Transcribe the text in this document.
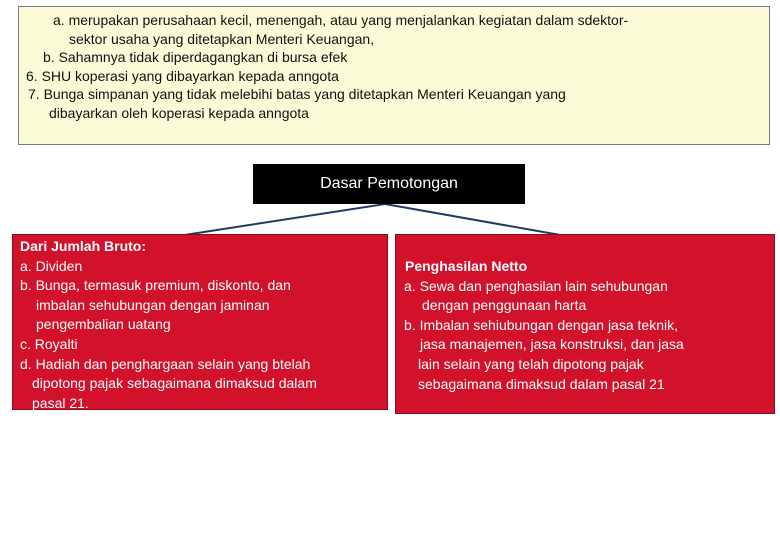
a. merupakan perusahaan kecil, menengah, atau yang menjalankan kegiatan dalam sdektor-
sektor usaha yang ditetapkan Menteri Keuangan,
b. Sahamnya tidak diperdagangkan di bursa efek
6. SHU koperasi yang dibayarkan kepada anngota
7. Bunga simpanan yang tidak melebihi batas yang ditetapkan Menteri Keuangan yang
dibayarkan oleh koperasi kepada anngota
Dasar Pemotongan
Dari Jumlah Bruto:
a. Dividen
b. Bunga, termasuk premium, diskonto, dan
imbalan sehubungan dengan jaminan
pengembalian uatang
c. Royalti
d. Hadiah dan penghargaan selain yang btelah
dipotong pajak sebagaimana dimaksud dalam
pasal 21.
Penghasilan Netto
a. Sewa dan penghasilan lain sehubungan
dengan penggunaan harta
b. Imbalan sehiubungan dengan jasa teknik,
jasa manajemen, jasa konstruksi, dan jasa
lain selain yang telah dipotong pajak
sebagaimana dimaksud dalam pasal 21
